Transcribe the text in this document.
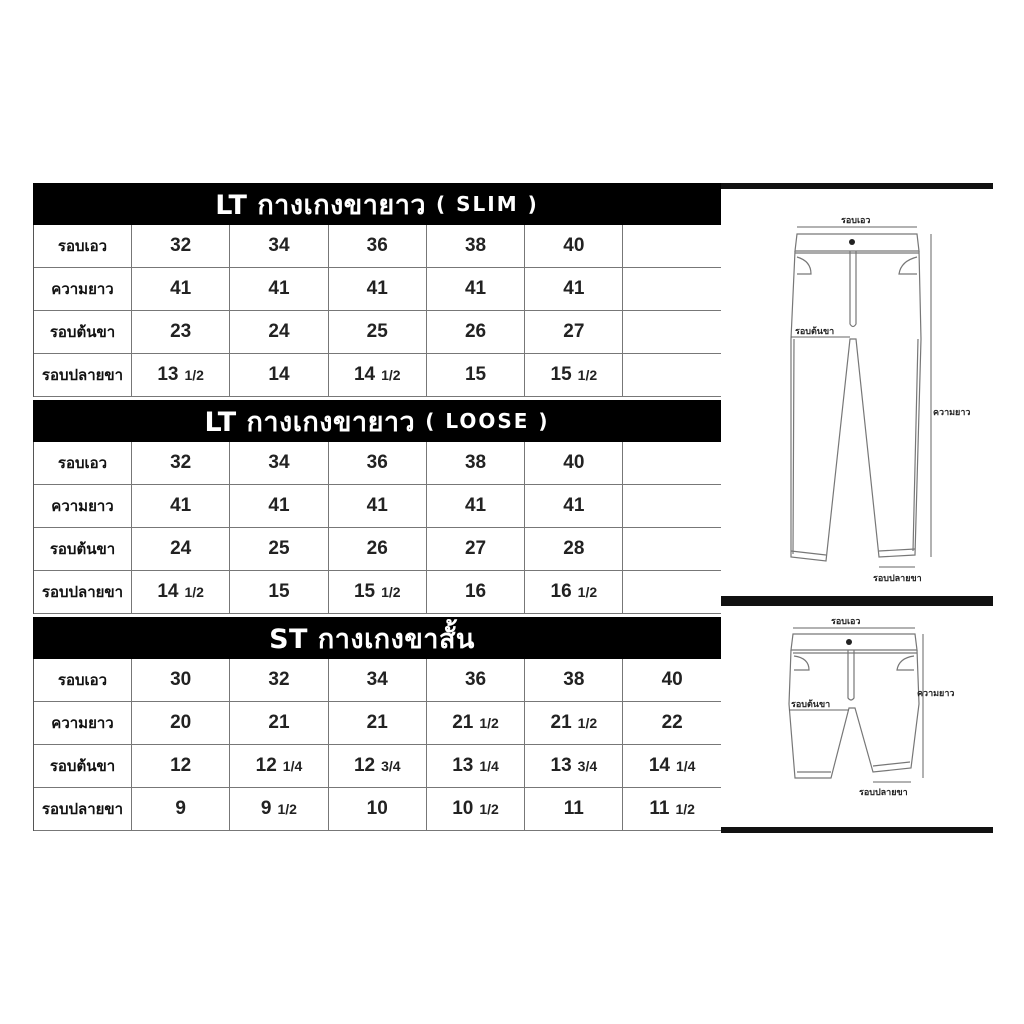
LT กางเกงขายาว ( SLIM )
รอบเอว	32	34	36	38	40
ความยาว	41	41	41	41	41
รอบต้นขา	23	24	25	26	27
รอบปลายขา	13 1/2	14	14 1/2	15	15 1/2
LT กางเกงขายาว ( LOOSE )
รอบเอว	32	34	36	38	40
ความยาว	41	41	41	41	41
รอบต้นขา	24	25	26	27	28
รอบปลายขา	14 1/2	15	15 1/2	16	16 1/2
ST กางเกงขาสั้น
รอบเอว	30	32	34	36	38	40
ความยาว	20	21	21	21 1/2	21 1/2	22
รอบต้นขา	12	12 1/4	12 3/4	13 1/4	13 3/4	14 1/4
รอบปลายขา	9	9 1/2	10	10 1/2	11	11 1/2
รอบเอว
รอบต้นขา
ความยาว
รอบปลายขา
รอบเอว
รอบต้นขา
ความยาว
รอบปลายขา
